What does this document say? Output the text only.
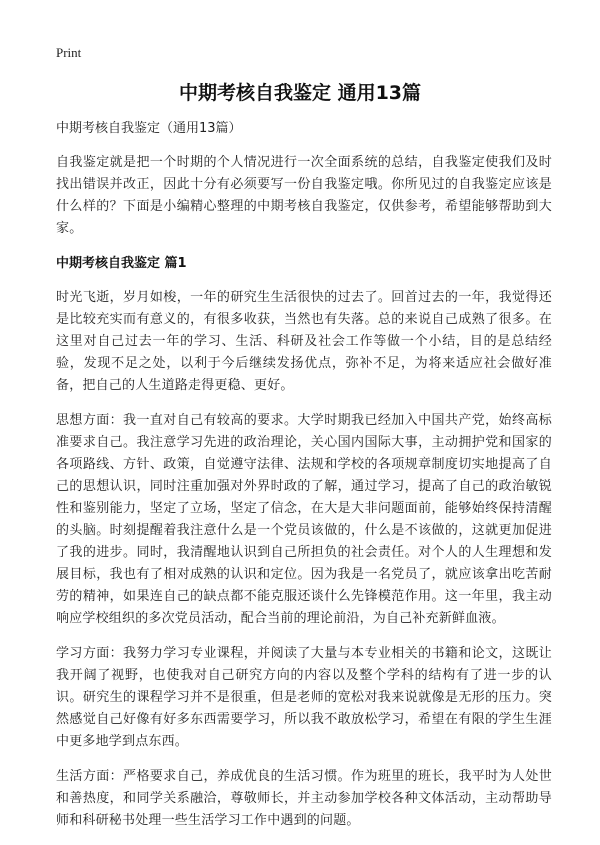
Print
中期考核自我鉴定 通用13篇

中期考核自我鉴定（通用13篇）

自我鉴定就是把一个时期的个人情况进行一次全面系统的总结，自我鉴定使我们及时找出错误并改正，因此十分有必须要写一份自我鉴定哦。你所见过的自我鉴定应该是什么样的？下面是小编精心整理的中期考核自我鉴定，仅供参考，希望能够帮助到大家。

中期考核自我鉴定 篇1

时光飞逝，岁月如梭，一年的研究生生活很快的过去了。回首过去的一年，我觉得还是比较充实而有意义的，有很多收获，当然也有失落。总的来说自己成熟了很多。在这里对自己过去一年的学习、生活、科研及社会工作等做一个小结，目的是总结经验，发现不足之处，以利于今后继续发扬优点，弥补不足，为将来适应社会做好准备，把自己的人生道路走得更稳、更好。

思想方面：我一直对自己有较高的要求。大学时期我已经加入中国共产党，始终高标准要求自己。我注意学习先进的政治理论，关心国内国际大事，主动拥护党和国家的各项路线、方针、政策，自觉遵守法律、法规和学校的各项规章制度切实地提高了自己的思想认识，同时注重加强对外界时政的了解，通过学习，提高了自己的政治敏锐性和鉴别能力，坚定了立场，坚定了信念，在大是大非问题面前，能够始终保持清醒的头脑。时刻提醒着我注意什么是一个党员该做的，什么是不该做的，这就更加促进了我的进步。同时，我清醒地认识到自己所担负的社会责任。对个人的人生理想和发展目标，我也有了相对成熟的认识和定位。因为我是一名党员了，就应该拿出吃苦耐劳的精神，如果连自己的缺点都不能克服还谈什么先锋模范作用。这一年里，我主动响应学校组织的多次党员活动，配合当前的理论前沿，为自己补充新鲜血液。

学习方面：我努力学习专业课程，并阅读了大量与本专业相关的书籍和论文，这既让我开阔了视野，也使我对自己研究方向的内容以及整个学科的结构有了进一步的认识。研究生的课程学习并不是很重，但是老师的宽松对我来说就像是无形的压力。突然感觉自己好像有好多东西需要学习，所以我不敢放松学习，希望在有限的学生生涯中更多地学到点东西。

生活方面：严格要求自己，养成优良的生活习惯。作为班里的班长，我平时为人处世和善热度，和同学关系融洽，尊敬师长，并主动参加学校各种文体活动，主动帮助导师和科研秘书处理一些生活学习工作中遇到的问题。
